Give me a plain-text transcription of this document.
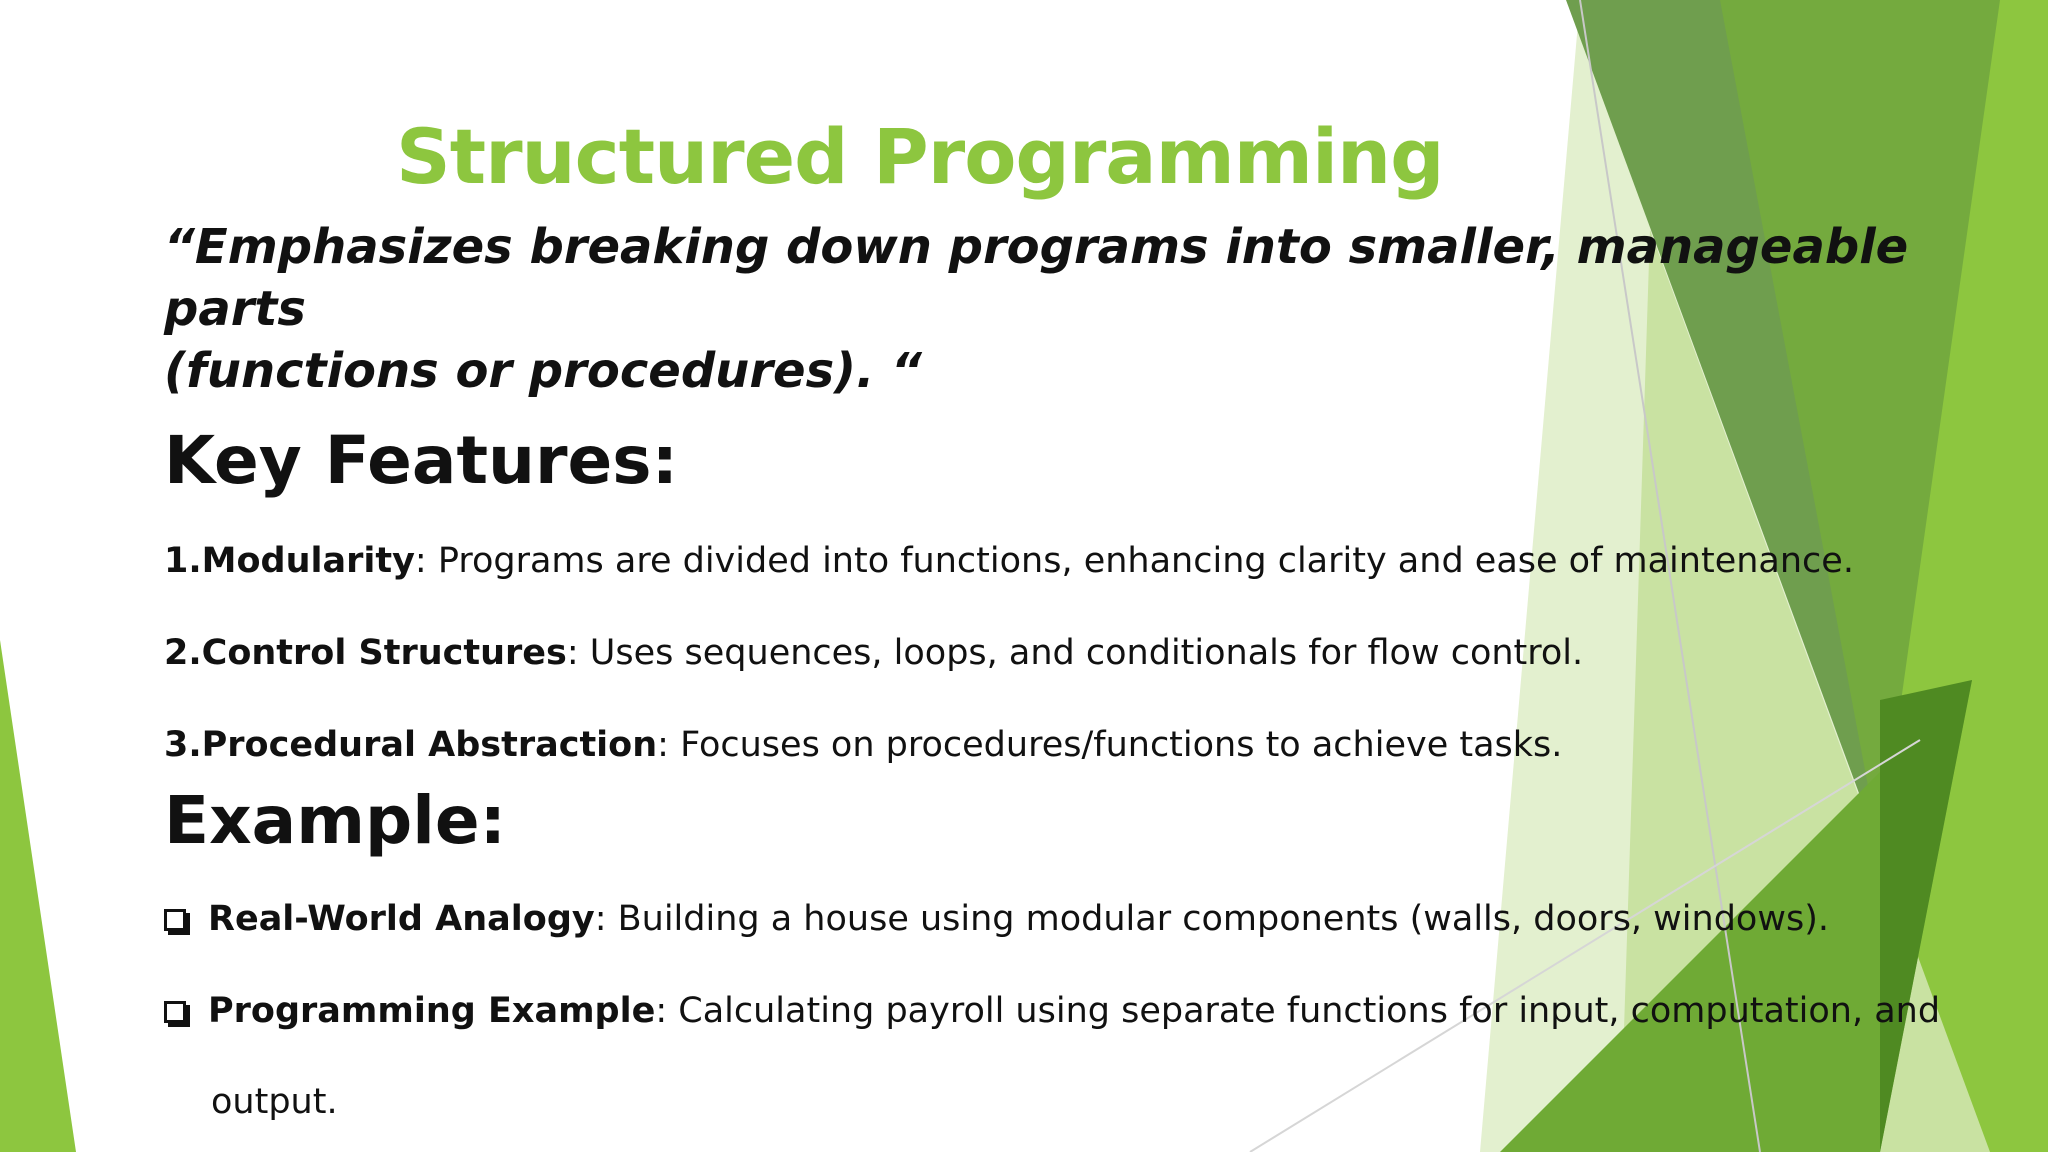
Structured Programming
“Emphasizes breaking down programs into smaller, manageable parts
(functions or procedures). “
Key Features:
1.Modularity: Programs are divided into functions, enhancing clarity and ease of maintenance.
2.Control Structures: Uses sequences, loops, and conditionals for flow control.
3.Procedural Abstraction: Focuses on procedures/functions to achieve tasks.
Example:
Real-World Analogy: Building a house using modular components (walls, doors, windows).
Programming Example: Calculating payroll using separate functions for input, computation, and
output.
